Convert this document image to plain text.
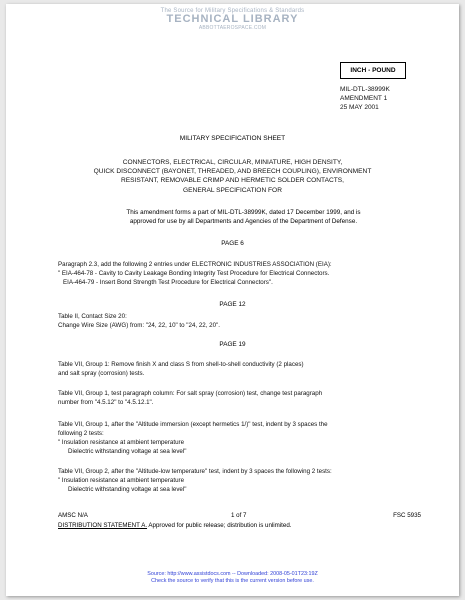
The Source for Military Specifications & Standards
TECHNICAL LIBRARY
ABBOTTAEROSPACE.COM
INCH - POUND
MIL-DTL-38999K
AMENDMENT 1
25 MAY 2001
MILITARY SPECIFICATION SHEET
CONNECTORS, ELECTRICAL, CIRCULAR, MINIATURE, HIGH DENSITY,
QUICK DISCONNECT (BAYONET, THREADED, AND BREECH COUPLING), ENVIRONMENT
RESISTANT, REMOVABLE CRIMP AND HERMETIC SOLDER CONTACTS,
GENERAL SPECIFICATION FOR
This amendment forms a part of MIL-DTL-38999K, dated 17 December 1999, and is
approved for use by all Departments and Agencies of the Department of Defense.
PAGE 6
Paragraph 2.3, add the following 2 entries under ELECTRONIC INDUSTRIES ASSOCIATION (EIA):
" EIA-464-78 - Cavity to Cavity Leakage Bonding Integrity Test Procedure for Electrical Connectors.
EIA-464-79 - Insert Bond Strength Test Procedure for Electrical Connectors".
PAGE 12
Table II, Contact Size 20:
Change Wire Size (AWG) from: "24, 22, 10" to "24, 22, 20".
PAGE 19
Table VII, Group 1: Remove finish X and class S from shell-to-shell conductivity (2 places)
and salt spray (corrosion) tests.
Table VII, Group 1, test paragraph column: For salt spray (corrosion) test, change test paragraph
number from "4.5.12" to "4.5.12.1".
Table VII, Group 1, after the "Altitude immersion (except hermetics 1/)" test, indent by 3 spaces the
following 2 tests:
" Insulation resistance at ambient temperature
Dielectric withstanding voltage at sea level"
Table VII, Group 2, after the "Altitude-low temperature" test, indent by 3 spaces the following 2 tests:
" Insulation resistance at ambient temperature
Dielectric withstanding voltage at sea level"
AMSC N/A	1 of 7	FSC 5935
DISTRIBUTION STATEMENT A. Approved for public release; distribution is unlimited.
Source: http://www.assistdocs.com -- Downloaded: 2008-05-01T23:19Z
Check the source to verify that this is the current version before use.
